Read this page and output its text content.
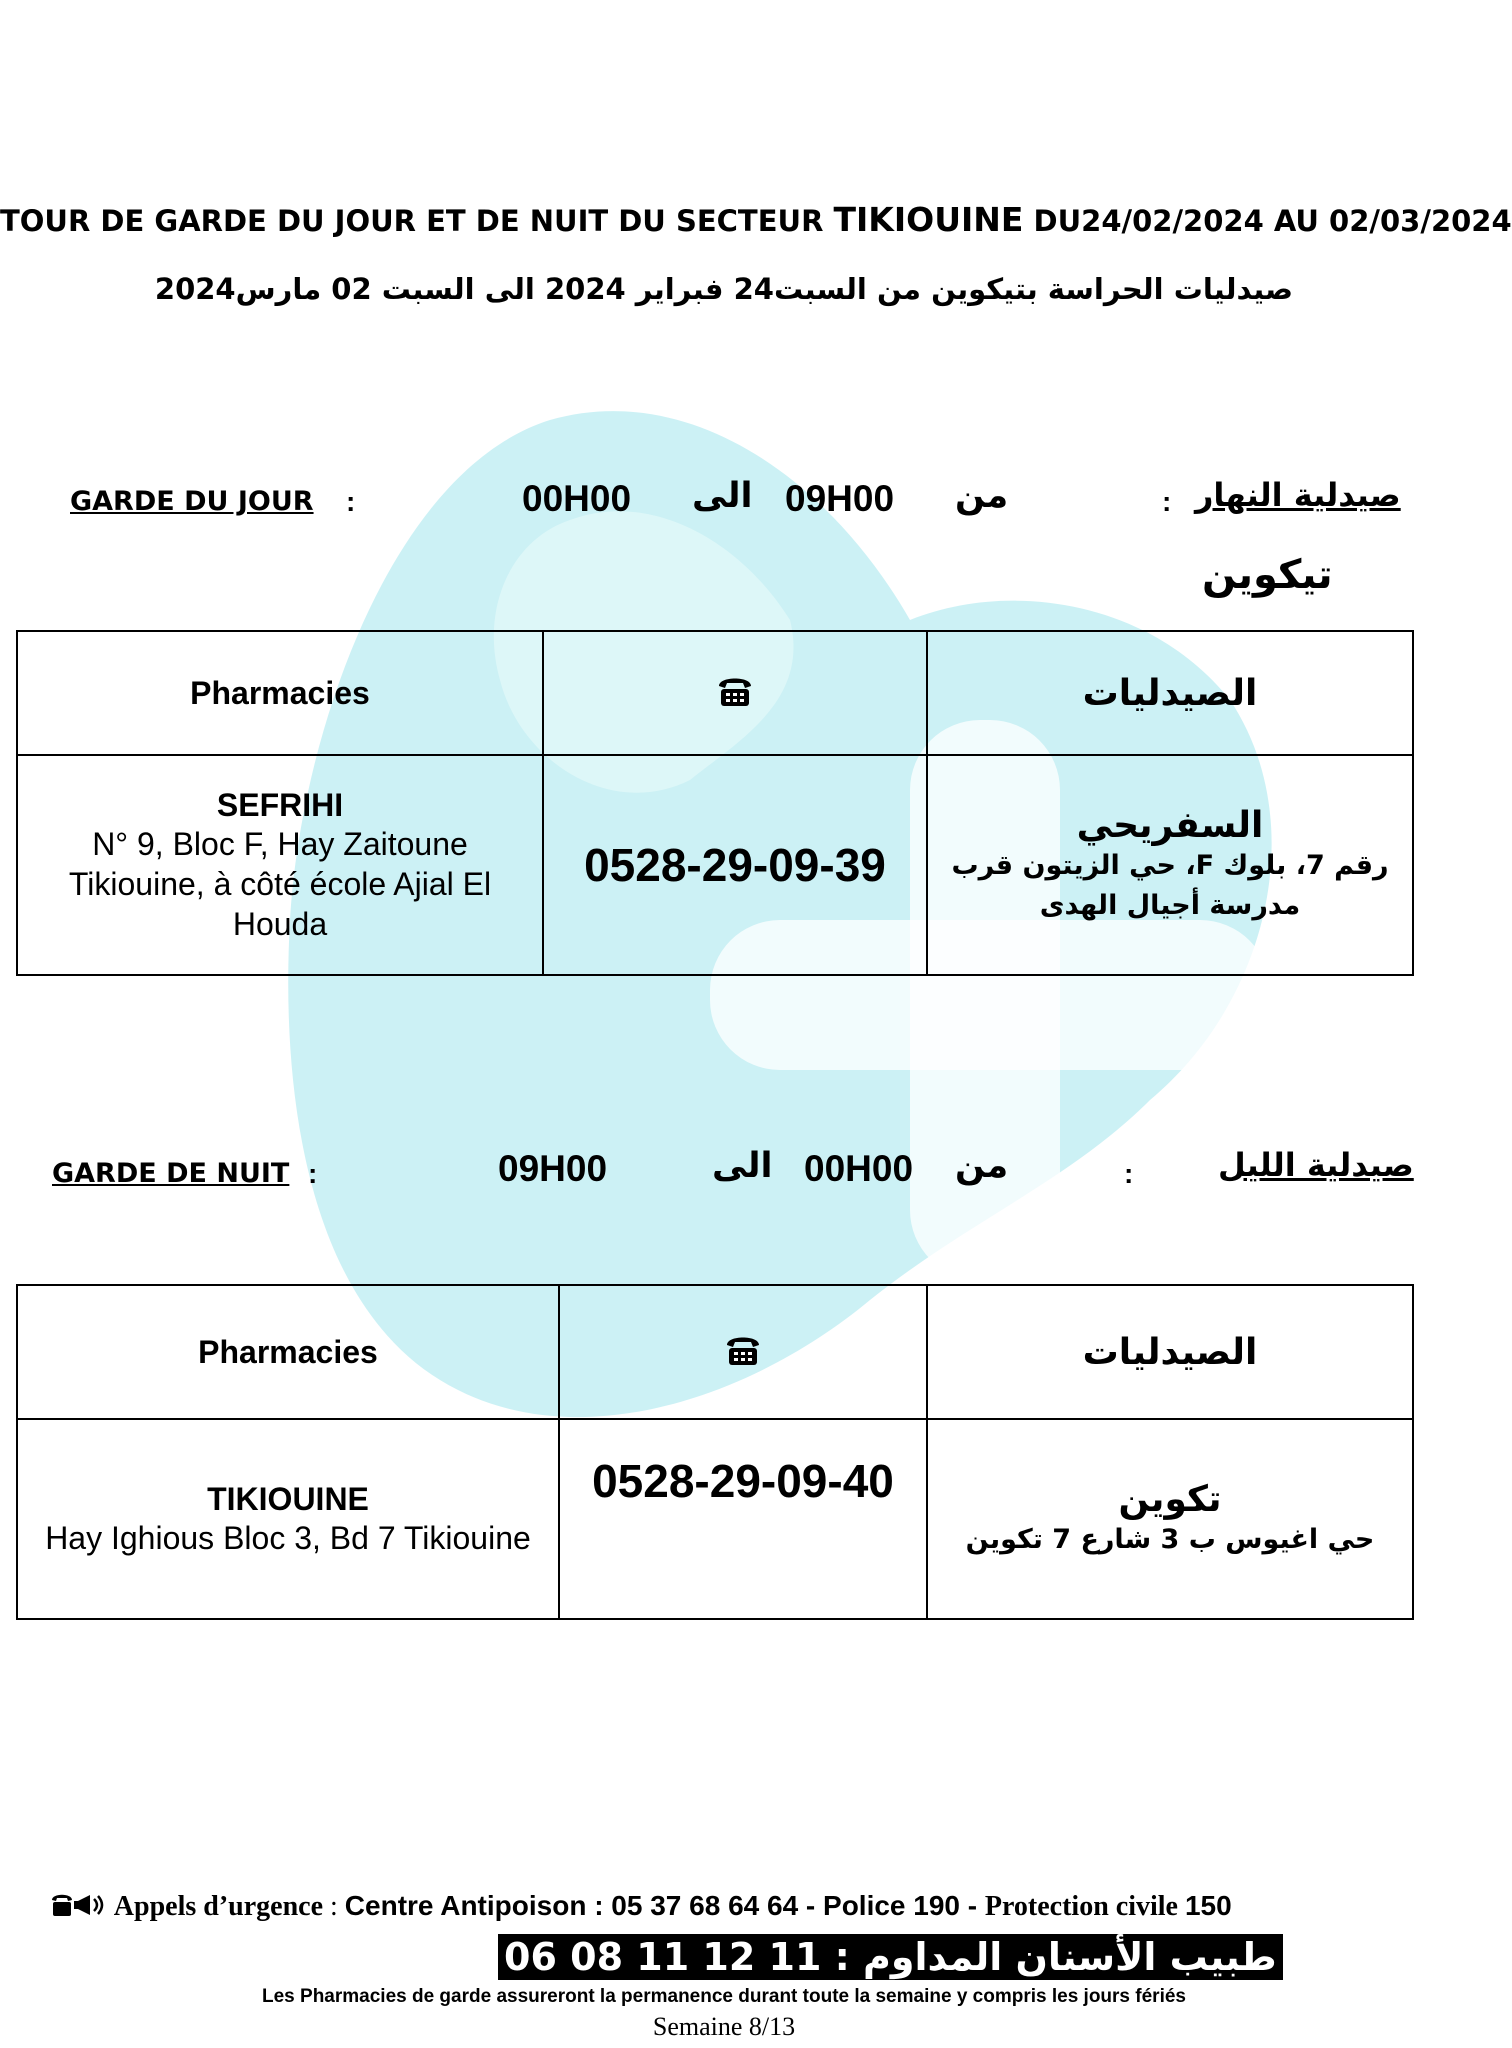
TOUR DE GARDE DU JOUR ET DE NUIT DU SECTEUR TIKIOUINE DU24/02/2024 AU 02/03/2024
صيدليات الحراسة بتيكوين من السبت24 فبراير 2024 الى السبت 02 مارس2024
GARDE DU JOUR :	00H00 الى 09H00 من	: صيدلية النهار
تيكوين
Pharmacies		الصيدليات

SEFRIHI
N° 9, Bloc F, Hay Zaitoune Tikiouine, à côté école Ajial El Houda	0528-29-09-39	السفريحي
رقم 7، بلوك F، حي الزيتون قرب مدرسة أجيال الهدى
GARDE DE NUIT :	09H00	الى 00H00 من	:	صيدلية الليل
Pharmacies		الصيدليات

TIKIOUINE
Hay Ighious Bloc 3, Bd 7 Tikiouine	0528-29-09-40	تكوين
حي اغيوس ب 3 شارع 7 تكوين
Appels d’urgence : Centre Antipoison : 05 37 68 64 64 - Police 190 - Protection civile 150
طبيب الأسنان المداوم : 11 12 11 08 06
Les Pharmacies de garde assureront la permanence durant toute la semaine y compris les jours fériés
Semaine 8/13
